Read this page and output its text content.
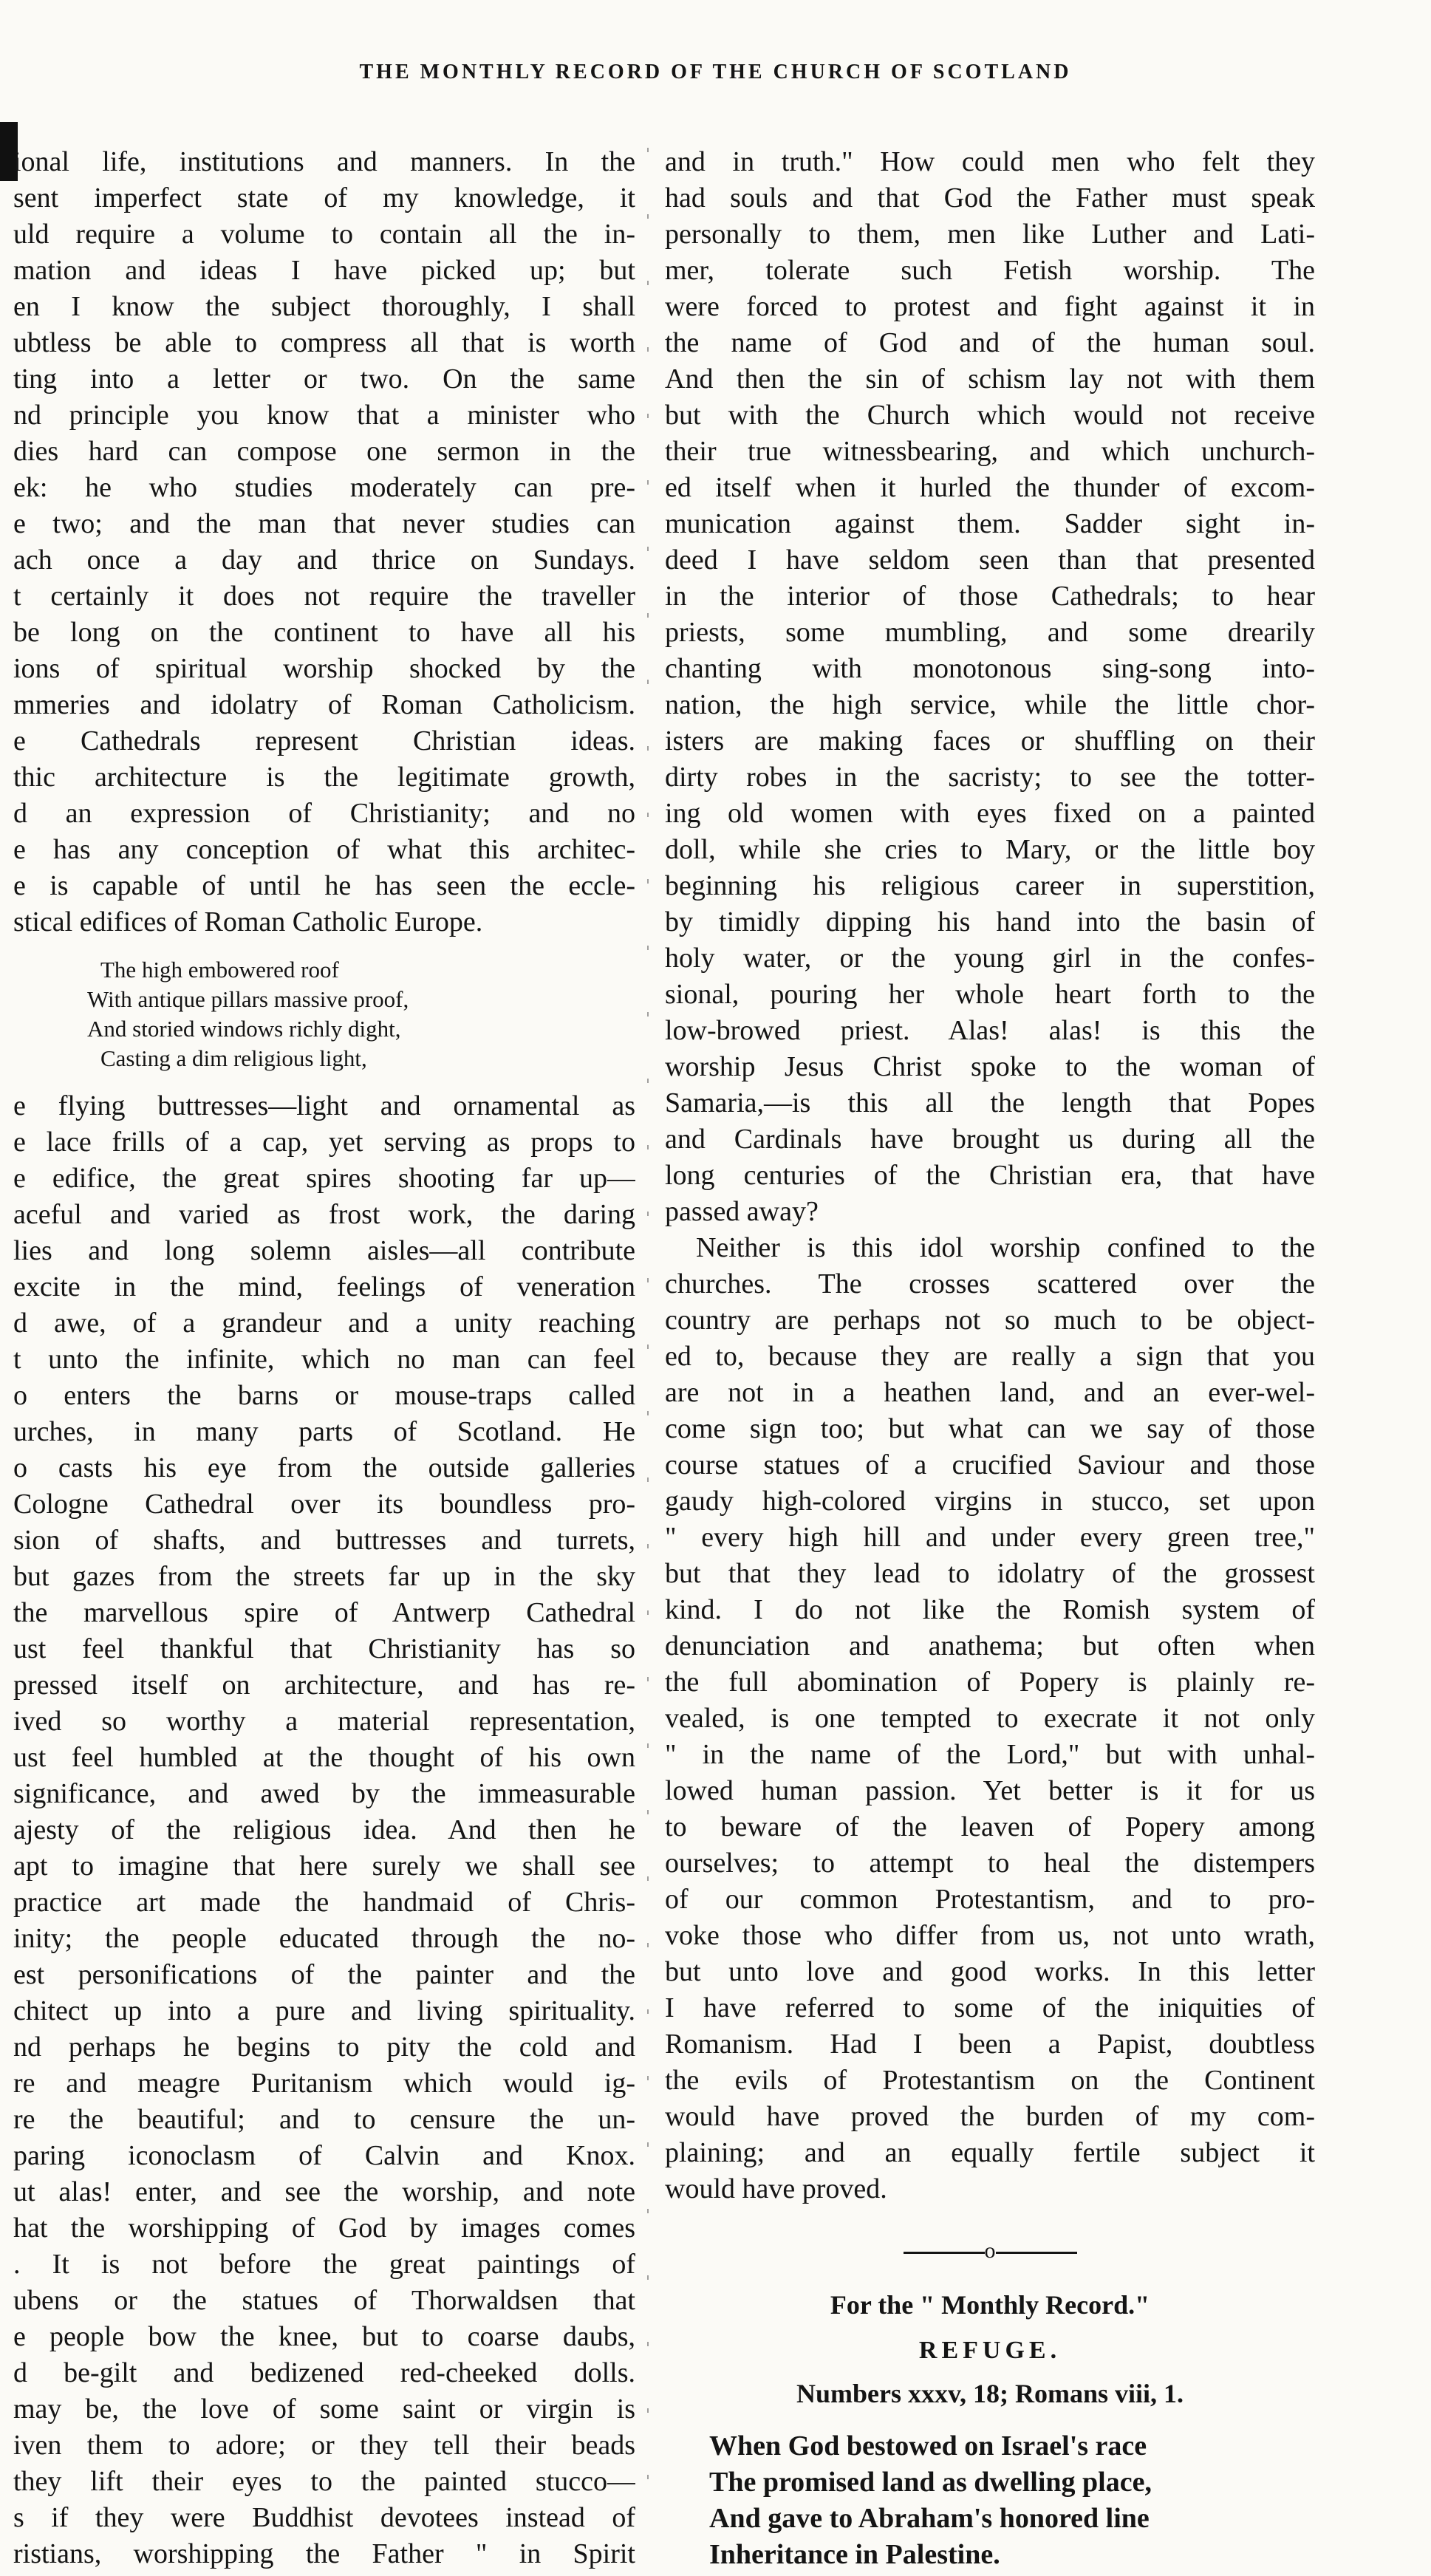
THE MONTHLY RECORD OF THE CHURCH OF SCOTLAND
ional life, institutions and manners. In the
sent imperfect state of my knowledge, it
uld require a volume to contain all the in-
mation and ideas I have picked up; but
en I know the subject thoroughly, I shall
ubtless be able to compress all that is worth
ting into a letter or two. On the same
nd principle you know that a minister who
dies hard can compose one sermon in the
ek: he who studies moderately can pre-
e two; and the man that never studies can
ach once a day and thrice on Sundays.
t certainly it does not require the traveller
be long on the continent to have all his
ions of spiritual worship shocked by the
mmeries and idolatry of Roman Catholicism.
e Cathedrals represent Christian ideas.
thic architecture is the legitimate growth,
d an expression of Christianity; and no
e has any conception of what this architec-
e is capable of until he has seen the eccle-
stical edifices of Roman Catholic Europe.
The high embowered roof
With antique pillars massive proof,
And storied windows richly dight,
Casting a dim religious light,
e flying buttresses—light and ornamental as
e lace frills of a cap, yet serving as props to
e edifice, the great spires shooting far up—
aceful and varied as frost work, the daring
lies and long solemn aisles—all contribute
excite in the mind, feelings of veneration
d awe, of a grandeur and a unity reaching
t unto the infinite, which no man can feel
o enters the barns or mouse-traps called
urches, in many parts of Scotland. He
o casts his eye from the outside galleries
Cologne Cathedral over its boundless pro-
sion of shafts, and buttresses and turrets,
but gazes from the streets far up in the sky
the marvellous spire of Antwerp Cathedral
ust feel thankful that Christianity has so
pressed itself on architecture, and has re-
ived so worthy a material representation,
ust feel humbled at the thought of his own
significance, and awed by the immeasurable
ajesty of the religious idea. And then he
apt to imagine that here surely we shall see
practice art made the handmaid of Chris-
inity; the people educated through the no-
est personifications of the painter and the
chitect up into a pure and living spirituality.
nd perhaps he begins to pity the cold and
re and meagre Puritanism which would ig-
re the beautiful; and to censure the un-
paring iconoclasm of Calvin and Knox.
ut alas! enter, and see the worship, and note
hat the worshipping of God by images comes
. It is not before the great paintings of
ubens or the statues of Thorwaldsen that
e people bow the knee, but to coarse daubs,
d be-gilt and bedizened red-cheeked dolls.
may be, the love of some saint or virgin is
iven them to adore; or they tell their beads
they lift their eyes to the painted stucco—
s if they were Buddhist devotees instead of
ristians, worshipping the Father " in Spirit
and in truth." How could men who felt they
had souls and that God the Father must speak
personally to them, men like Luther and Lati-
mer, tolerate such Fetish worship. The
were forced to protest and fight against it in
the name of God and of the human soul.
And then the sin of schism lay not with them
but with the Church which would not receive
their true witnessbearing, and which unchurch-
ed itself when it hurled the thunder of excom-
munication against them. Sadder sight in-
deed I have seldom seen than that presented
in the interior of those Cathedrals; to hear
priests, some mumbling, and some drearily
chanting with monotonous sing-song into-
nation, the high service, while the little chor-
isters are making faces or shuffling on their
dirty robes in the sacristy; to see the totter-
ing old women with eyes fixed on a painted
doll, while she cries to Mary, or the little boy
beginning his religious career in superstition,
by timidly dipping his hand into the basin of
holy water, or the young girl in the confes-
sional, pouring her whole heart forth to the
low-browed priest. Alas! alas! is this the
worship Jesus Christ spoke to the woman of
Samaria,—is this all the length that Popes
and Cardinals have brought us during all the
long centuries of the Christian era, that have
passed away?
Neither is this idol worship confined to the
churches. The crosses scattered over the
country are perhaps not so much to be object-
ed to, because they are really a sign that you
are not in a heathen land, and an ever-wel-
come sign too; but what can we say of those
course statues of a crucified Saviour and those
gaudy high-colored virgins in stucco, set upon
" every high hill and under every green tree,"
but that they lead to idolatry of the grossest
kind. I do not like the Romish system of
denunciation and anathema; but often when
the full abomination of Popery is plainly re-
vealed, is one tempted to execrate it not only
" in the name of the Lord," but with unhal-
lowed human passion. Yet better is it for us
to beware of the leaven of Popery among
ourselves; to attempt to heal the distempers
of our common Protestantism, and to pro-
voke those who differ from us, not unto wrath,
but unto love and good works. In this letter
I have referred to some of the iniquities of
Romanism. Had I been a Papist, doubtless
the evils of Protestantism on the Continent
would have proved the burden of my com-
plaining; and an equally fertile subject it
would have proved.
o
For the " Monthly Record."
REFUGE.
Numbers xxxv, 18; Romans viii, 1.
When God bestowed on Israel's race
The promised land as dwelling place,
And gave to Abraham's honored line
Inheritance in Palestine.
